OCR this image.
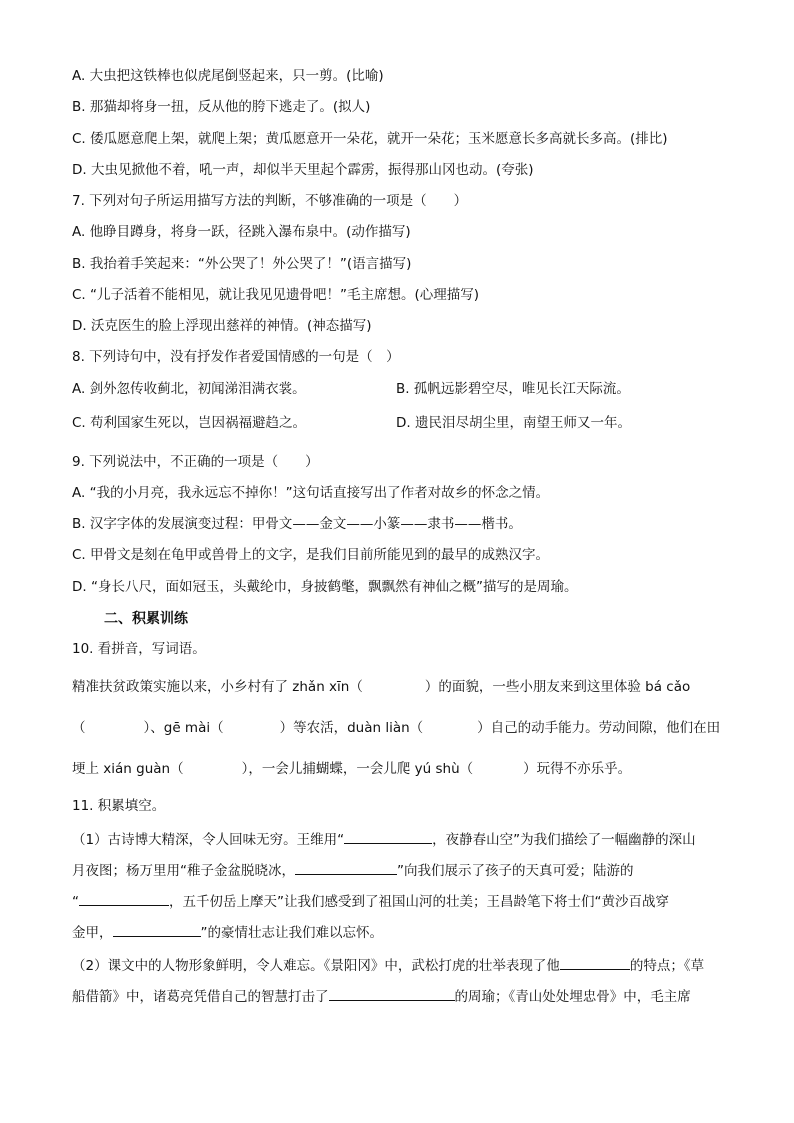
A. 大虫把这铁棒也似虎尾倒竖起来，只一剪。(比喻)
B. 那猫却将身一扭，反从他的胯下逃走了。(拟人)
C. 倭瓜愿意爬上架，就爬上架；黄瓜愿意开一朵花，就开一朵花；玉米愿意长多高就长多高。(排比)
D. 大虫见掀他不着，吼一声，却似半天里起个霹雳，振得那山冈也动。(夸张)
7. 下列对句子所运用描写方法的判断，不够准确的一项是（　　）
A. 他睁目蹲身，将身一跃，径跳入瀑布泉中。(动作描写)
B. 我抬着手笑起来：“外公哭了！外公哭了！”(语言描写)
C. “儿子活着不能相见，就让我见见遗骨吧！”毛主席想。(心理描写)
D. 沃克医生的脸上浮现出慈祥的神情。(神态描写)
8. 下列诗句中，没有抒发作者爱国情感的一句是（　）
A. 剑外忽传收蓟北，初闻涕泪满衣裳。	B. 孤帆远影碧空尽，唯见长江天际流。
C. 苟利国家生死以，岂因祸福避趋之。	D. 遗民泪尽胡尘里，南望王师又一年。
9. 下列说法中，不正确的一项是（　　）
A. “我的小月亮，我永远忘不掉你！”这句话直接写出了作者对故乡的怀念之情。
B. 汉字字体的发展演变过程：甲骨文——金文——小篆——隶书——楷书。
C. 甲骨文是刻在龟甲或兽骨上的文字，是我们目前所能见到的最早的成熟汉字。
D. “身长八尺，面如冠玉，头戴纶巾，身披鹤氅，飘飘然有神仙之概”描写的是周瑜。
二、积累训练
10. 看拼音，写词语。
精准扶贫政策实施以来，小乡村有了 zhǎn xīn（	）的面貌，一些小朋友来到这里体验 bá cǎo
（	）、gē mài（	）等农活，duàn liàn（	）自己的动手能力。劳动间隙，他们在田
埂上 xián guàn（	），一会儿捕蝴蝶，一会儿爬 yú shù（	）玩得不亦乐乎。
11. 积累填空。
（1）古诗博大精深，令人回味无穷。王维用“	，夜静春山空”为我们描绘了一幅幽静的深山
月夜图；杨万里用“稚子金盆脱晓冰，	”向我们展示了孩子的天真可爱；陆游的
“	，五千仞岳上摩天”让我们感受到了祖国山河的壮美；王昌龄笔下将士们“黄沙百战穿
金甲，	”的豪情壮志让我们难以忘怀。
（2）课文中的人物形象鲜明，令人难忘。《景阳冈》中，武松打虎的壮举表现了他	的特点；《草
船借箭》中，诸葛亮凭借自己的智慧打击了	的周瑜；《青山处处埋忠骨》中，毛主席
